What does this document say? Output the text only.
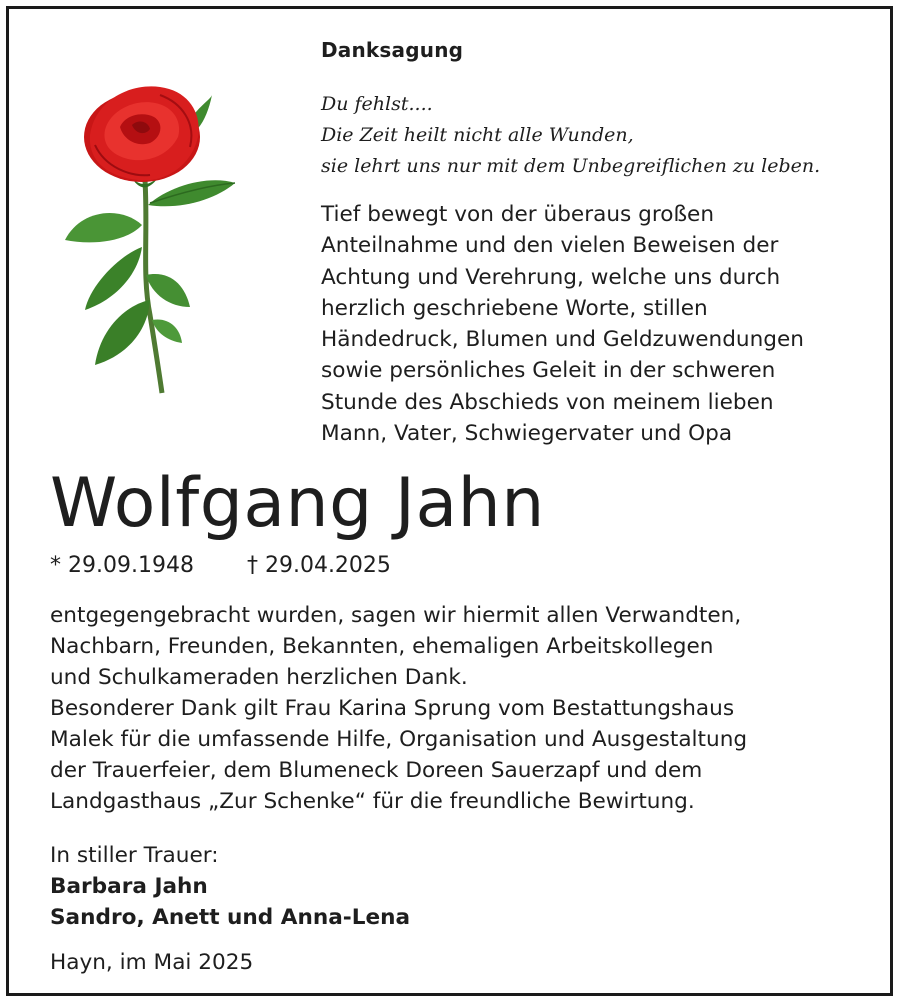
Danksagung
Du fehlst....
Die Zeit heilt nicht alle Wunden,
sie lehrt uns nur mit dem Unbegreiflichen zu leben.
Tief bewegt von der überaus großen
Anteilnahme und den vielen Beweisen der
Achtung und Verehrung, welche uns durch
herzlich geschriebene Worte, stillen
Händedruck, Blumen und Geldzuwendungen
sowie persönliches Geleit in der schweren
Stunde des Abschieds von meinem lieben
Mann, Vater, Schwiegervater und Opa
Wolfgang Jahn
* 29.09.1948 † 29.04.2025
entgegengebracht wurden, sagen wir hiermit allen Verwandten,
Nachbarn, Freunden, Bekannten, ehemaligen Arbeitskollegen
und Schulkameraden herzlichen Dank.
Besonderer Dank gilt Frau Karina Sprung vom Bestattungshaus
Malek für die umfassende Hilfe, Organisation und Ausgestaltung
der Trauerfeier, dem Blumeneck Doreen Sauerzapf und dem
Landgasthaus „Zur Schenke“ für die freundliche Bewirtung.
In stiller Trauer:
Barbara Jahn
Sandro, Anett und Anna-Lena
Hayn, im Mai 2025
